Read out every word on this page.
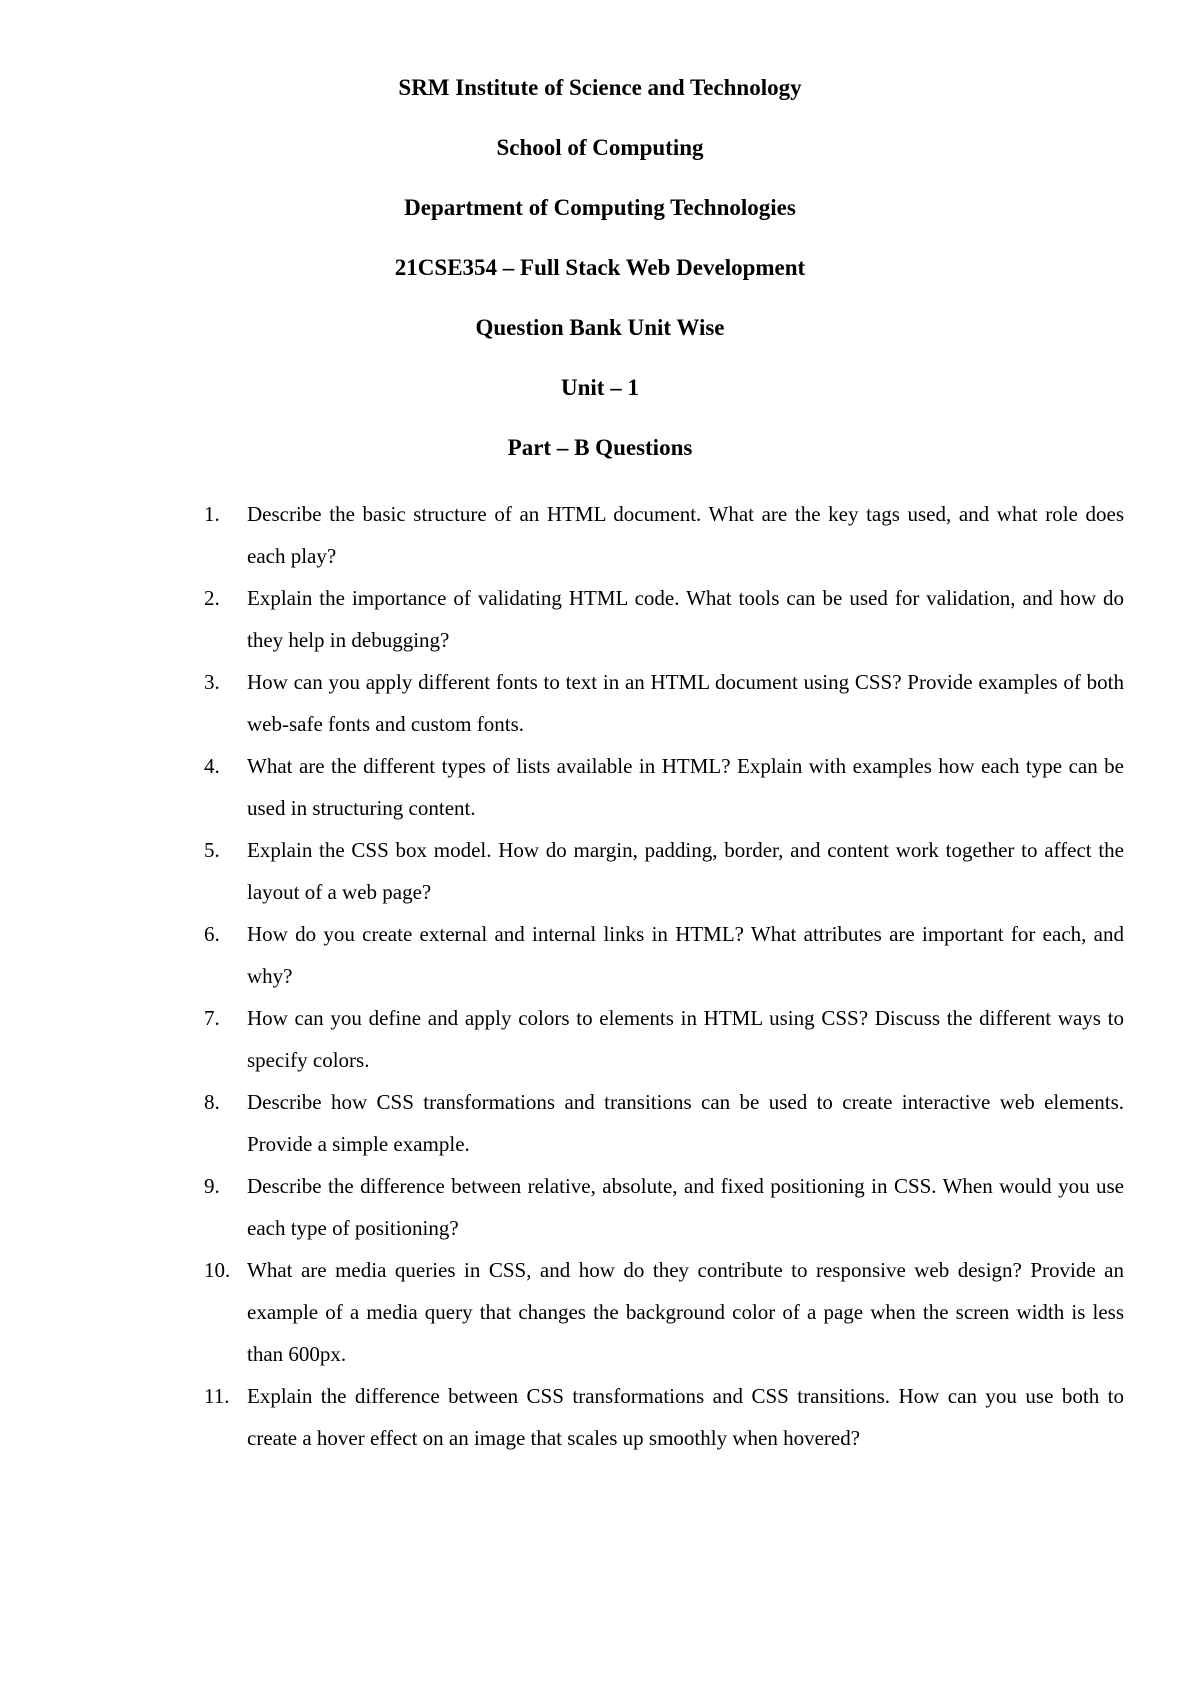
SRM Institute of Science and Technology
School of Computing
Department of Computing Technologies
21CSE354 – Full Stack Web Development
Question Bank Unit Wise
Unit – 1
Part – B Questions
1. Describe the basic structure of an HTML document. What are the key tags used, and what role does each play?
2. Explain the importance of validating HTML code. What tools can be used for validation, and how do they help in debugging?
3. How can you apply different fonts to text in an HTML document using CSS? Provide examples of both web-safe fonts and custom fonts.
4. What are the different types of lists available in HTML? Explain with examples how each type can be used in structuring content.
5. Explain the CSS box model. How do margin, padding, border, and content work together to affect the layout of a web page?
6. How do you create external and internal links in HTML? What attributes are important for each, and why?
7. How can you define and apply colors to elements in HTML using CSS? Discuss the different ways to specify colors.
8. Describe how CSS transformations and transitions can be used to create interactive web elements. Provide a simple example.
9. Describe the difference between relative, absolute, and fixed positioning in CSS. When would you use each type of positioning?
10. What are media queries in CSS, and how do they contribute to responsive web design? Provide an example of a media query that changes the background color of a page when the screen width is less than 600px.
11. Explain the difference between CSS transformations and CSS transitions. How can you use both to create a hover effect on an image that scales up smoothly when hovered?
